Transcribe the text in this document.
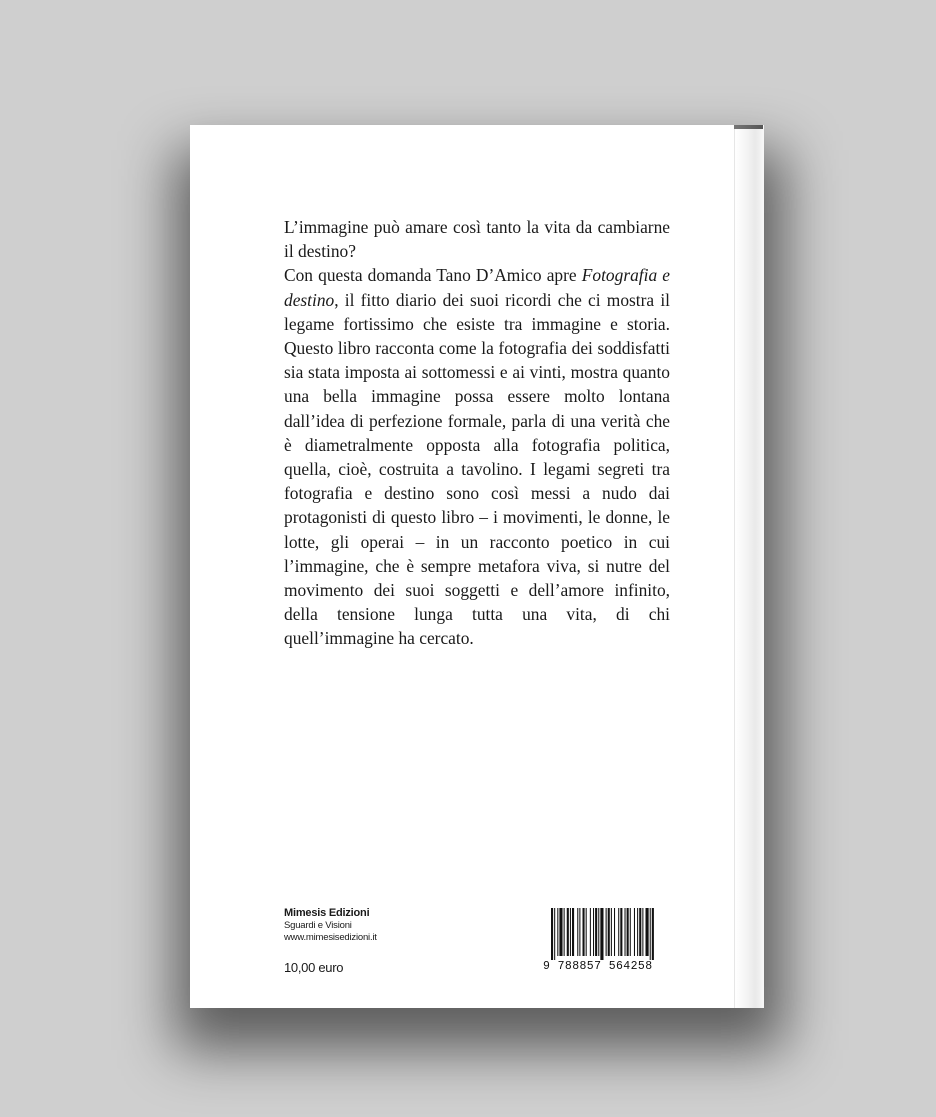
L’immagine può amare così tanto la vita da cambiarne il destino?

Con questa domanda Tano D’Amico apre Fotografia e destino, il fitto diario dei suoi ricordi che ci mostra il legame fortissimo che esiste tra immagine e storia. Questo libro racconta come la fotografia dei soddisfatti sia stata imposta ai sottomessi e ai vinti, mostra quanto una bella immagine possa essere molto lontana dall’idea di perfezione formale, parla di una verità che è diametralmente opposta alla fotografia politica, quella, cioè, costruita a tavolino. I legami segreti tra fotografia e destino sono così messi a nudo dai protagonisti di questo libro – i movimenti, le donne, le lotte, gli operai – in un racconto poetico in cui l’immagine, che è sempre metafora viva, si nutre del movimento dei suoi soggetti e dell’amore infinito, della tensione lunga tutta una vita, di chi quell’immagine ha cercato.

Mimesis Edizioni
Sguardi e Visioni
www.mimesisedizioni.it
10,00 euro	9 788857 564258
